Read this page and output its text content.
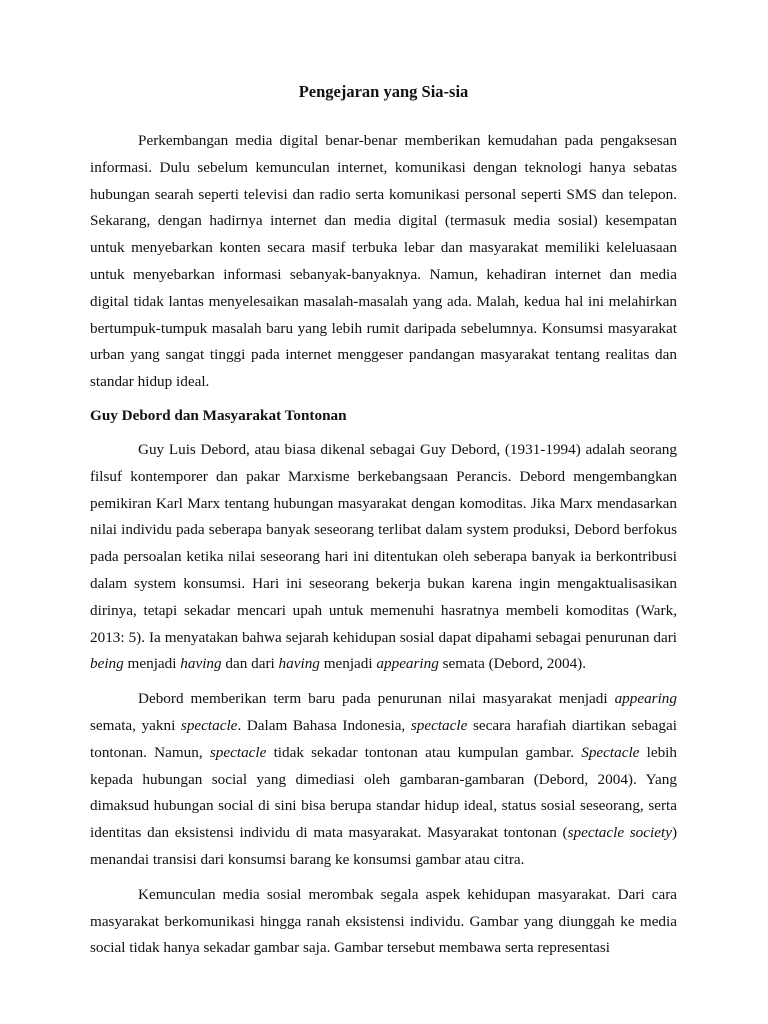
Pengejaran yang Sia-sia

Perkembangan media digital benar-benar memberikan kemudahan pada pengaksesan informasi. Dulu sebelum kemunculan internet, komunikasi dengan teknologi hanya sebatas hubungan searah seperti televisi dan radio serta komunikasi personal seperti SMS dan telepon. Sekarang, dengan hadirnya internet dan media digital (termasuk media sosial) kesempatan untuk menyebarkan konten secara masif terbuka lebar dan masyarakat memiliki keleluasaan untuk menyebarkan informasi sebanyak-banyaknya. Namun, kehadiran internet dan media digital tidak lantas menyelesaikan masalah-masalah yang ada. Malah, kedua hal ini melahirkan bertumpuk-tumpuk masalah baru yang lebih rumit daripada sebelumnya. Konsumsi masyarakat urban yang sangat tinggi pada internet menggeser pandangan masyarakat tentang realitas dan standar hidup ideal.

Guy Debord dan Masyarakat Tontonan

Guy Luis Debord, atau biasa dikenal sebagai Guy Debord, (1931-1994) adalah seorang filsuf kontemporer dan pakar Marxisme berkebangsaan Perancis. Debord mengembangkan pemikiran Karl Marx tentang hubungan masyarakat dengan komoditas. Jika Marx mendasarkan nilai individu pada seberapa banyak seseorang terlibat dalam system produksi, Debord berfokus pada persoalan ketika nilai seseorang hari ini ditentukan oleh seberapa banyak ia berkontribusi dalam system konsumsi. Hari ini seseorang bekerja bukan karena ingin mengaktualisasikan dirinya, tetapi sekadar mencari upah untuk memenuhi hasratnya membeli komoditas (Wark, 2013: 5). Ia menyatakan bahwa sejarah kehidupan sosial dapat dipahami sebagai penurunan dari being menjadi having dan dari having menjadi appearing semata (Debord, 2004).

Debord memberikan term baru pada penurunan nilai masyarakat menjadi appearing semata, yakni spectacle. Dalam Bahasa Indonesia, spectacle secara harafiah diartikan sebagai tontonan. Namun, spectacle tidak sekadar tontonan atau kumpulan gambar. Spectacle lebih kepada hubungan social yang dimediasi oleh gambaran-gambaran (Debord, 2004). Yang dimaksud hubungan social di sini bisa berupa standar hidup ideal, status sosial seseorang, serta identitas dan eksistensi individu di mata masyarakat. Masyarakat tontonan (spectacle society) menandai transisi dari konsumsi barang ke konsumsi gambar atau citra.

Kemunculan media sosial merombak segala aspek kehidupan masyarakat. Dari cara masyarakat berkomunikasi hingga ranah eksistensi individu. Gambar yang diunggah ke media social tidak hanya sekadar gambar saja. Gambar tersebut membawa serta representasi
